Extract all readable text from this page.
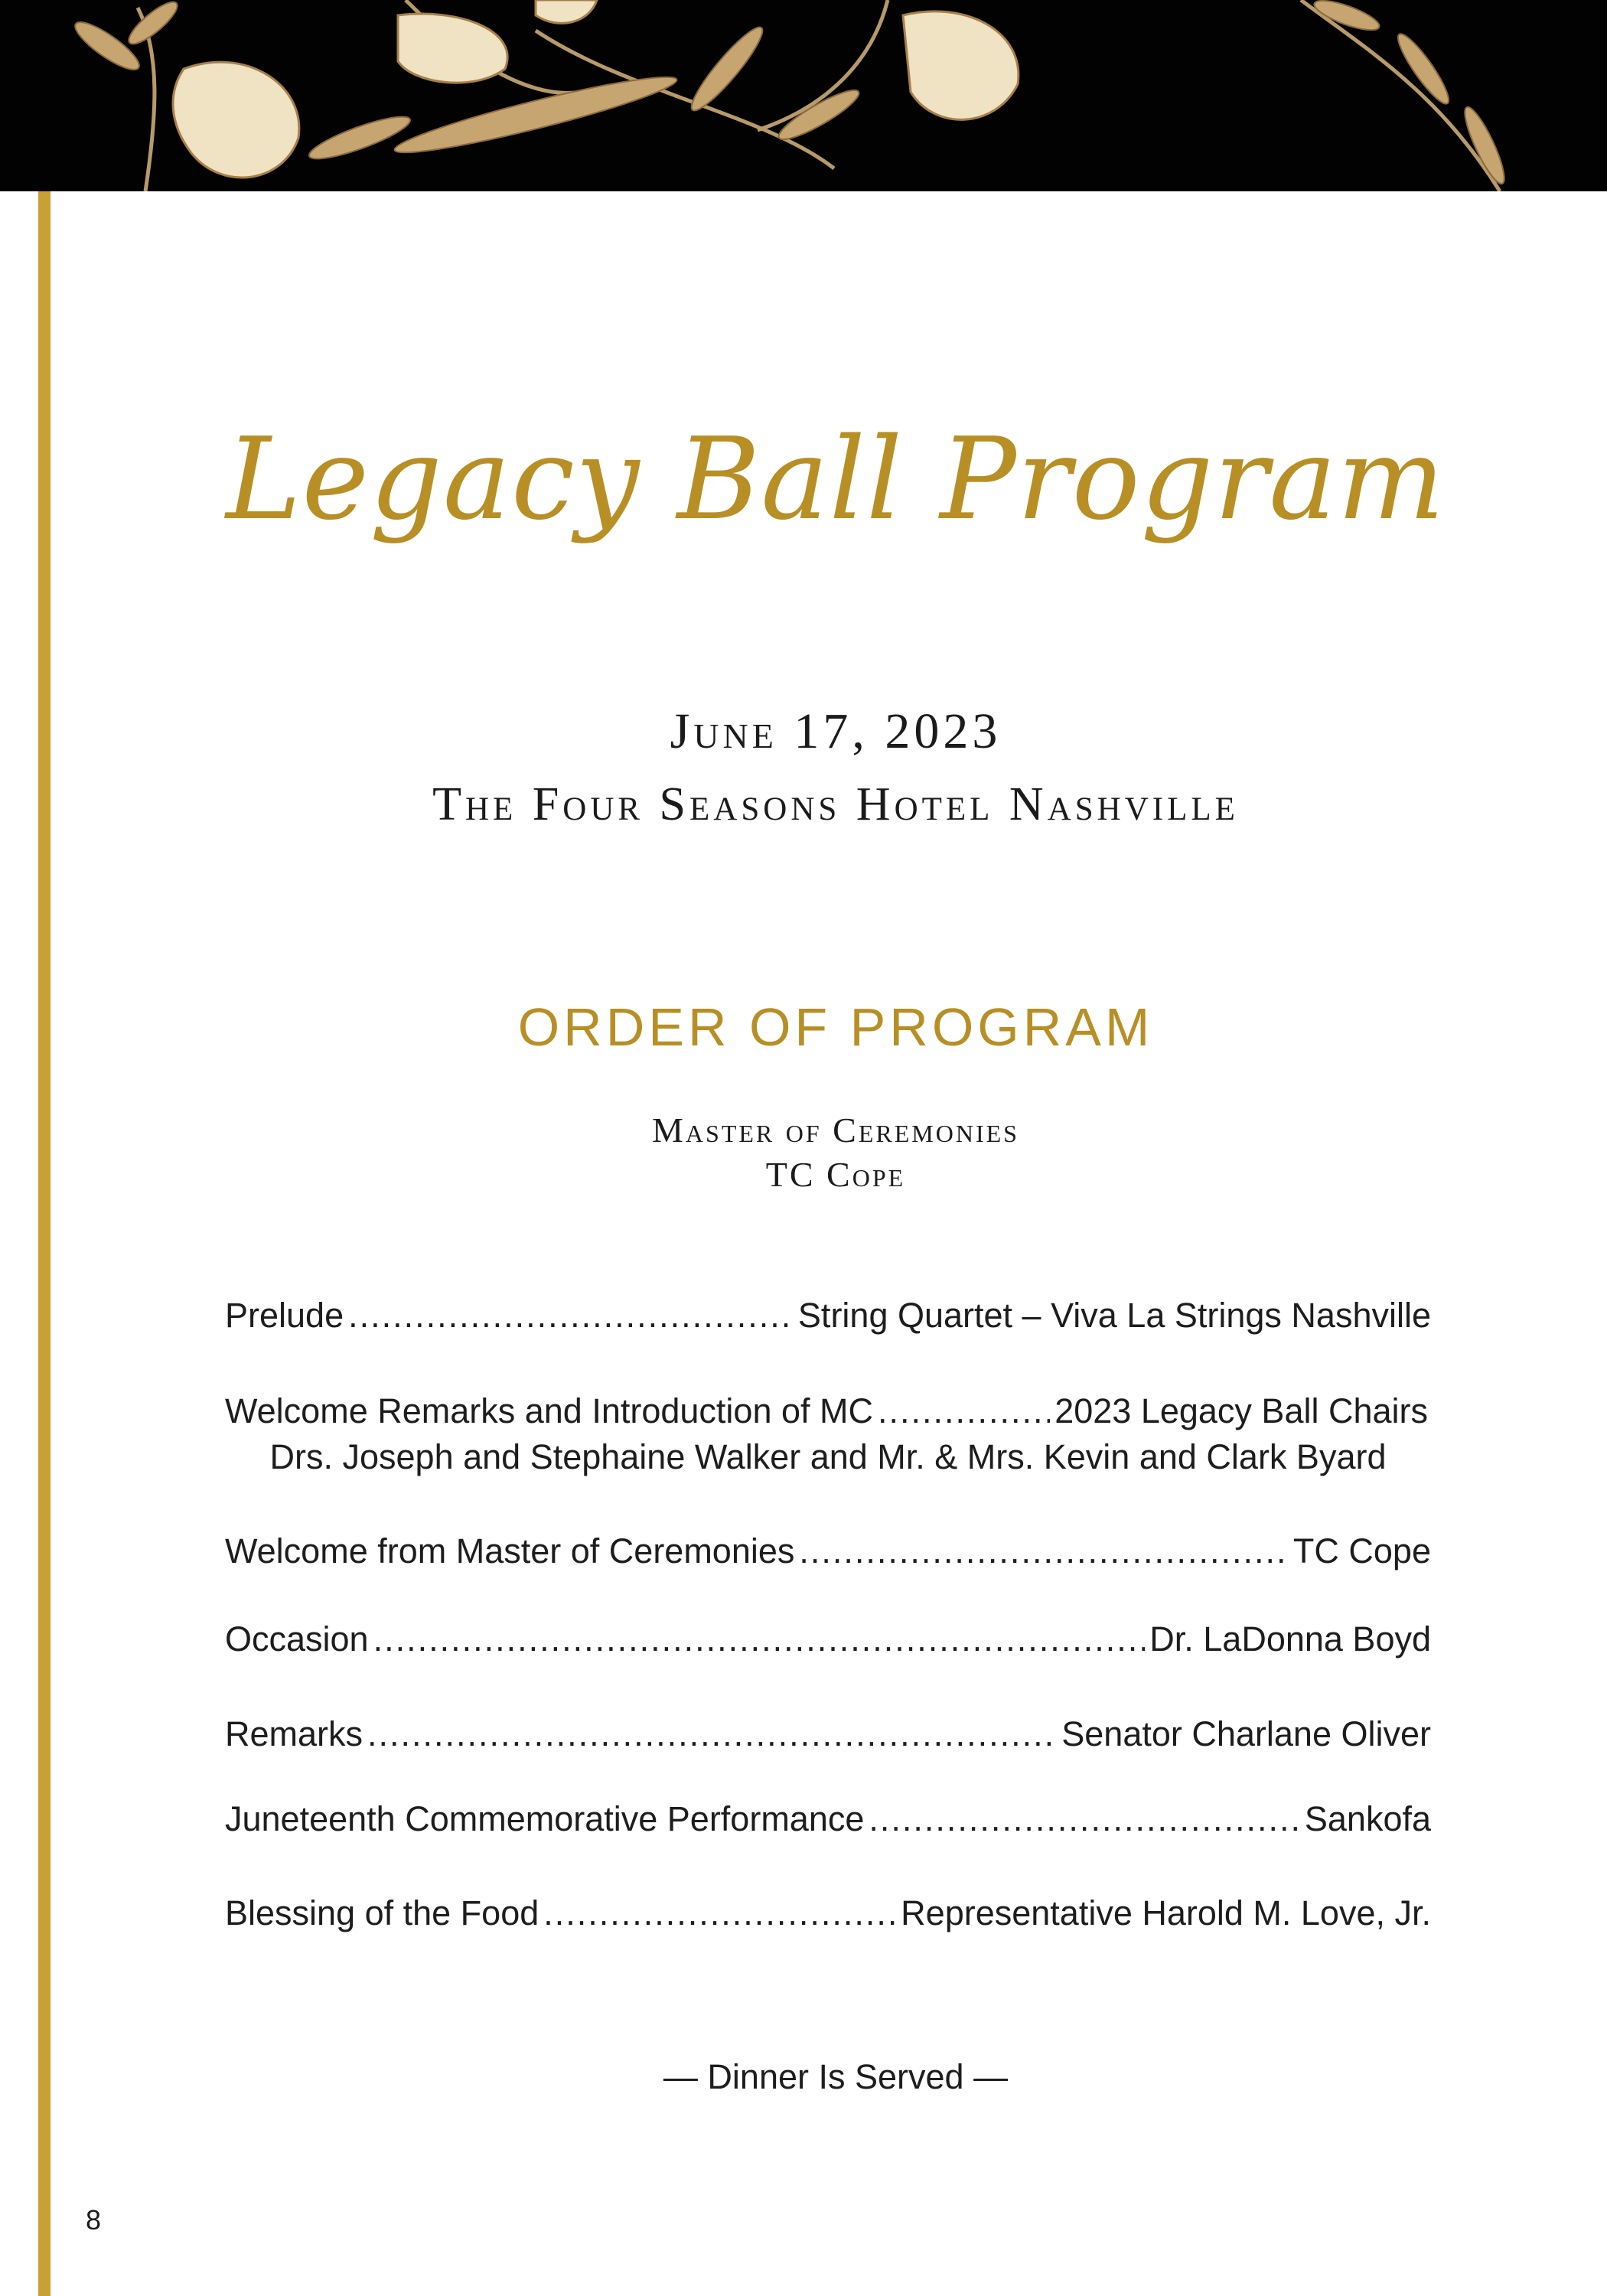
Legacy Ball Program
June 17, 2023
The Four Seasons Hotel Nashville
ORDER OF PROGRAM
Master of Ceremonies
TC Cope
Prelude .....	String Quartet – Viva La Strings Nashville
Welcome Remarks and Introduction of MC .....	2023 Legacy Ball Chairs
Drs. Joseph and Stephaine Walker and Mr. & Mrs. Kevin and Clark Byard
Welcome from Master of Ceremonies .....	TC Cope
Occasion .....	Dr. LaDonna Boyd
Remarks .....	Senator Charlane Oliver
Juneteenth Commemorative Performance .....	Sankofa
Blessing of the Food .....	Representative Harold M. Love, Jr.
— Dinner Is Served —
8
